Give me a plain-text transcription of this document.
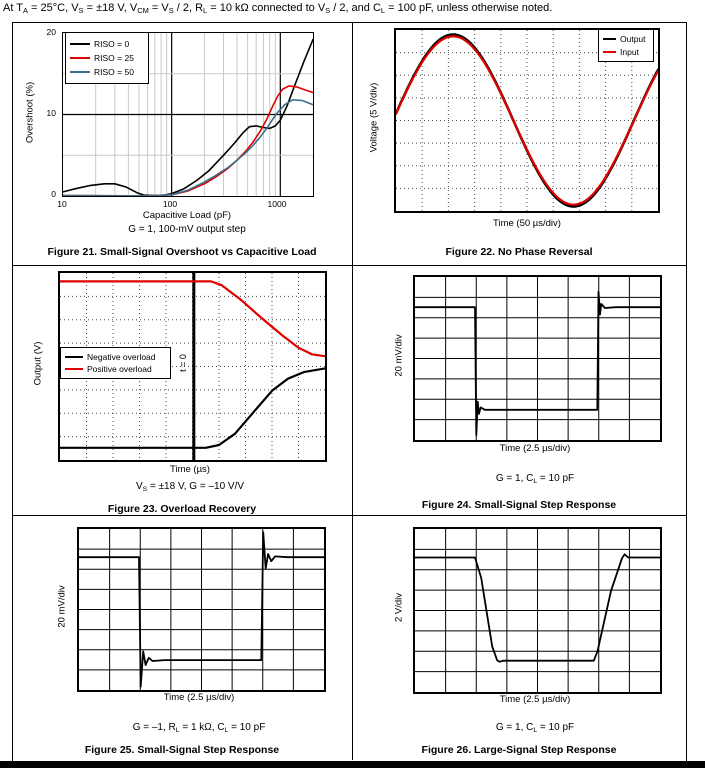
At $T_A = 25^\circ C$, $V_S = \pm 18$ V, $V_{CM} = V_S / 2$, $R_L = 10$ kΩ connected to $V_S / 2$, and $C_L = 100$ pF, unless otherwise noted.
20
10
0
10	100	1000
Overshoot (%)
Capacitive Load (pF)
G = 1, 100-mV output step
Figure 21. Small-Signal Overshoot vs Capacitive Load
RISO = 0
RISO = 25
RISO = 50
Voltage (5 V/div)
Time (50 µs/div)
Figure 22. No Phase Reversal
Output
Input
Output (V)	t = 0
Time (µs)
$V_S = \pm 18$ V, G = –10 V/V
Figure 23. Overload Recovery
Negative overload
Positive overload	20 mV/div
Time (2.5 µs/div)
G = 1, $C_L = 10$ pF
Figure 24. Small-Signal Step Response
20 mV/div
Time (2.5 µs/div)
G = –1, $R_L = 1$ kΩ, $C_L = 10$ pF
Figure 25. Small-Signal Step Response
2 V/div
Time (2.5 µs/div)
G = 1, $C_L = 10$ pF
Figure 26. Large-Signal Step Response
